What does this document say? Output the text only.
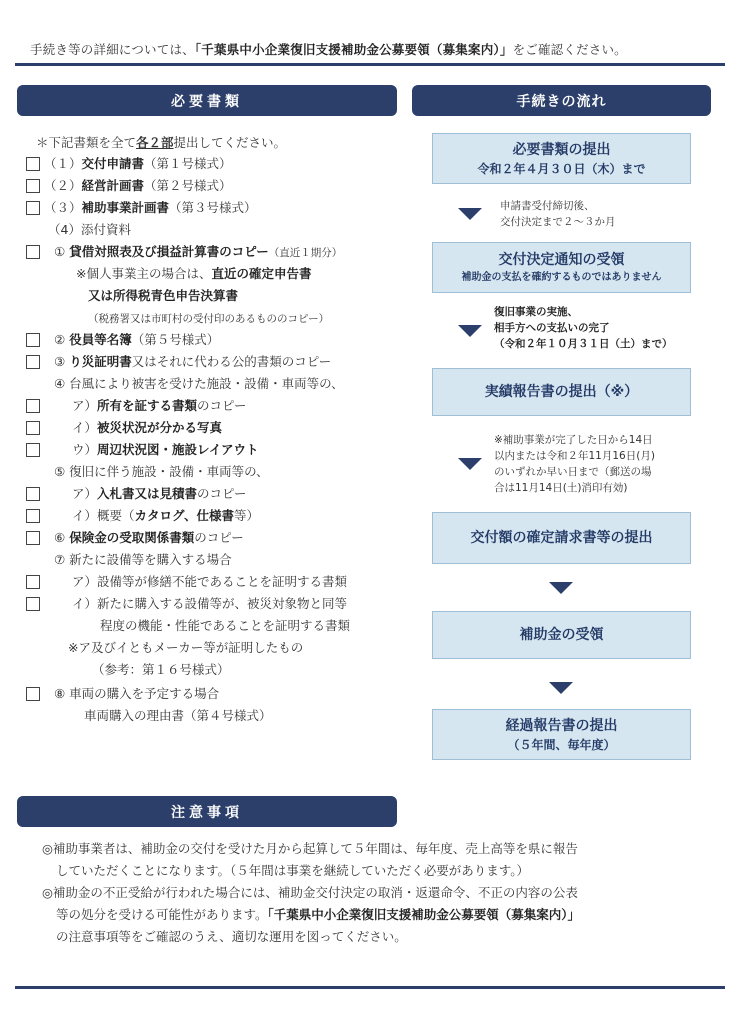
手続き等の詳細については、「千葉県中小企業復旧支援補助金公募要領（募集案内）」をご確認ください。
必要書類	手続きの流れ
＊下記書類を全て各２部提出してください。
（１）交付申請書（第１号様式）
（２）経営計画書（第２号様式）
（３）補助事業計画書（第３号様式）
（4）添付資料
① 貸借対照表及び損益計算書のコピー（直近１期分）
※個人事業主の場合は、直近の確定申告書
又は所得税青色申告決算書
（税務署又は市町村の受付印のあるもののコピー）
② 役員等名簿（第５号様式）
③ り災証明書又はそれに代わる公的書類のコピー
④ 台風により被害を受けた施設・設備・車両等の、
ア）所有を証する書類のコピー
イ）被災状況が分かる写真
ウ）周辺状況図・施設レイアウト
⑤ 復旧に伴う施設・設備・車両等の、
ア）入札書又は見積書のコピー
イ）概要（カタログ、仕様書等）
⑥ 保険金の受取関係書類のコピー
⑦ 新たに設備等を購入する場合
ア）設備等が修繕不能であることを証明する書類
イ）新たに購入する設備等が、被災対象物と同等
程度の機能・性能であることを証明する書類
※ア及びイともメーカー等が証明したもの
（参考：第１６号様式）
⑧ 車両の購入を予定する場合
車両購入の理由書（第４号様式）
必要書類の提出
令和２年４月３０日（木）まで
申請書受付締切後、
交付決定まで２～３か月
交付決定通知の受領
補助金の支払を確約するものではありません
復旧事業の実施、
相手方への支払いの完了
（令和２年１０月３１日（土）まで）
実績報告書の提出（※）
※補助事業が完了した日から14日
以内または令和２年11月16日(月)
のいずれか早い日まで（郵送の場
合は11月14日(土)消印有効)
交付額の確定請求書等の提出
補助金の受領
経過報告書の提出
（５年間、毎年度）
注意事項
◎補助事業者は、補助金の交付を受けた月から起算して５年間は、毎年度、売上高等を県に報告
していただくことになります。（５年間は事業を継続していただく必要があります。）
◎補助金の不正受給が行われた場合には、補助金交付決定の取消・返還命令、不正の内容の公表
等の処分を受ける可能性があります。「千葉県中小企業復旧支援補助金公募要領（募集案内）」
の注意事項等をご確認のうえ、適切な運用を図ってください。
